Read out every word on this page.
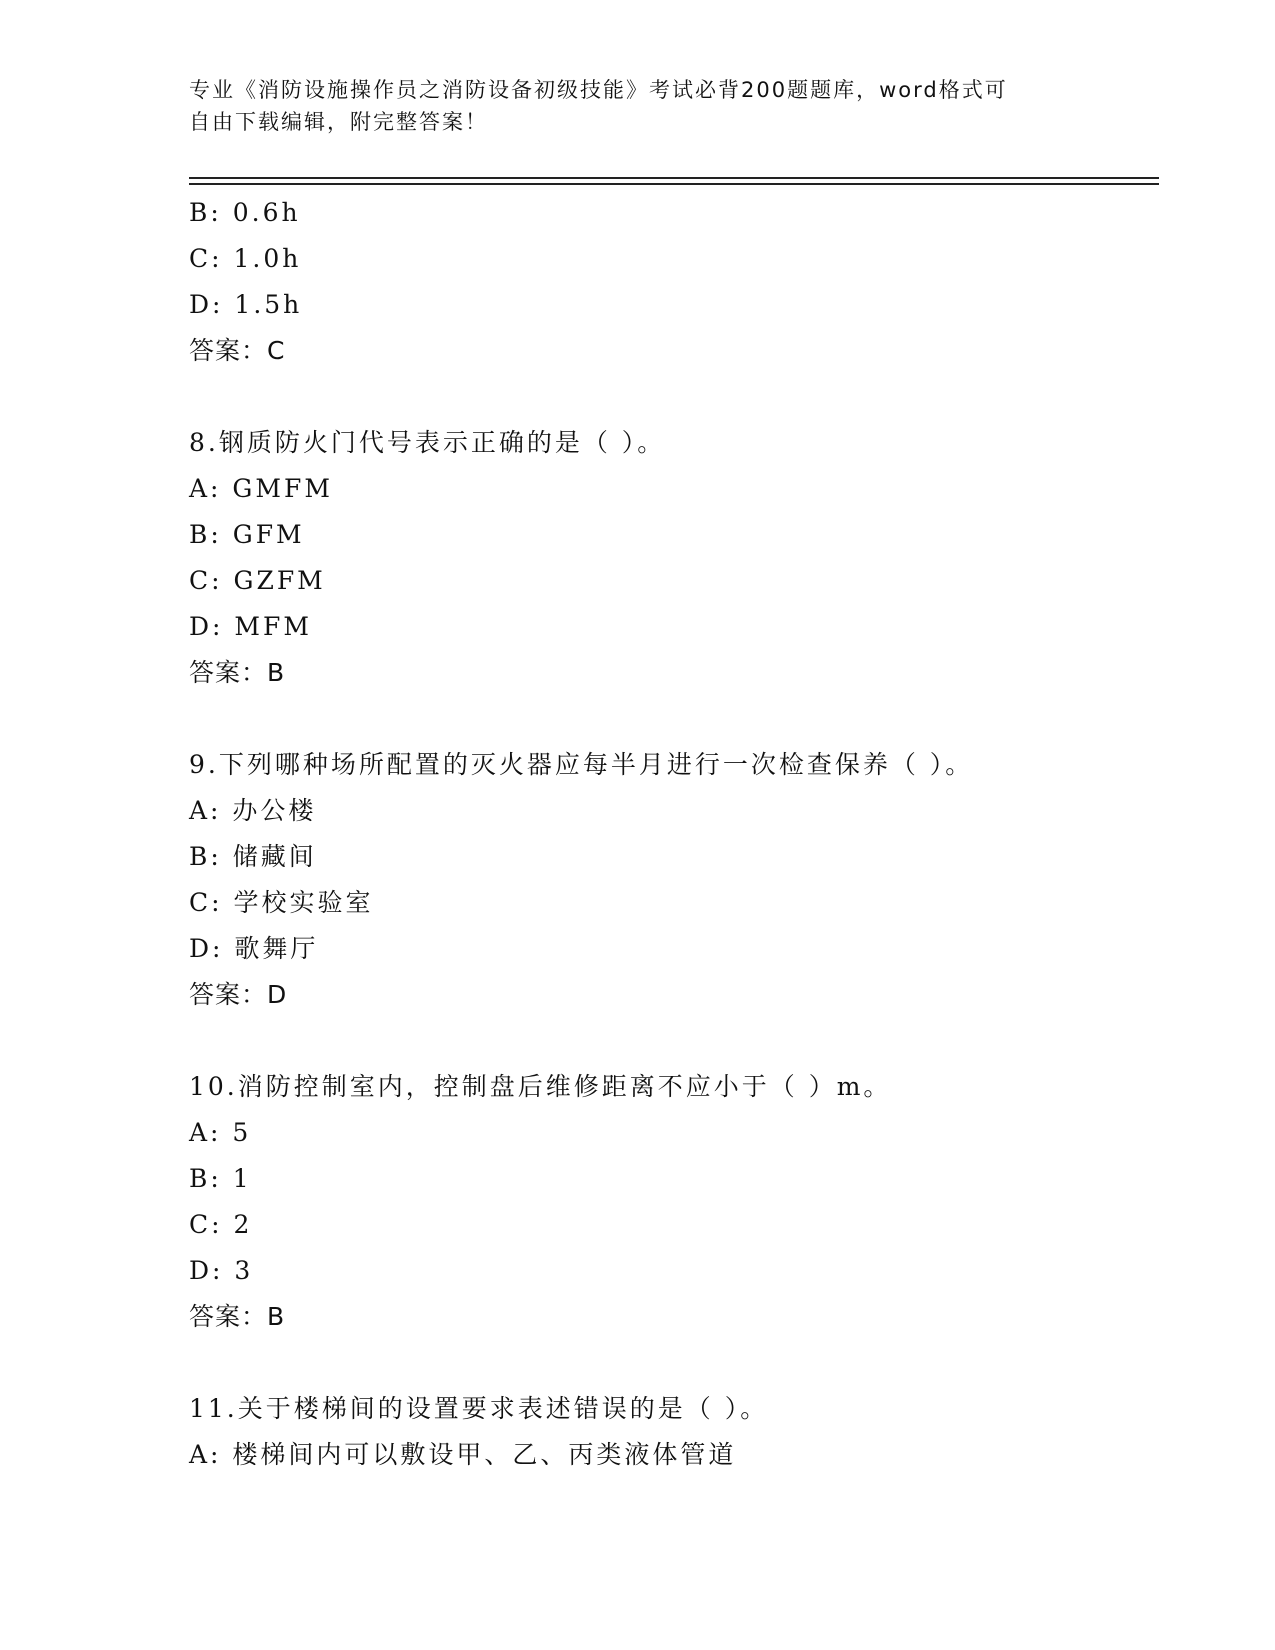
专业《消防设施操作员之消防设备初级技能》考试必背200题题库，word格式可
自由下载编辑，附完整答案！
B: 0.6h
C: 1.0h
D: 1.5h
答案：C
8.钢质防火门代号表示正确的是（ ）。
A: GMFM
B: GFM
C: GZFM
D: MFM
答案：B
9.下列哪种场所配置的灭火器应每半月进行一次检查保养（ ）。
A: 办公楼
B: 储藏间
C: 学校实验室
D: 歌舞厅
答案：D
10.消防控制室内，控制盘后维修距离不应小于（ ）m。
A: 5
B: 1
C: 2
D: 3
答案：B
11.关于楼梯间的设置要求表述错误的是（ ）。
A: 楼梯间内可以敷设甲、乙、丙类液体管道
